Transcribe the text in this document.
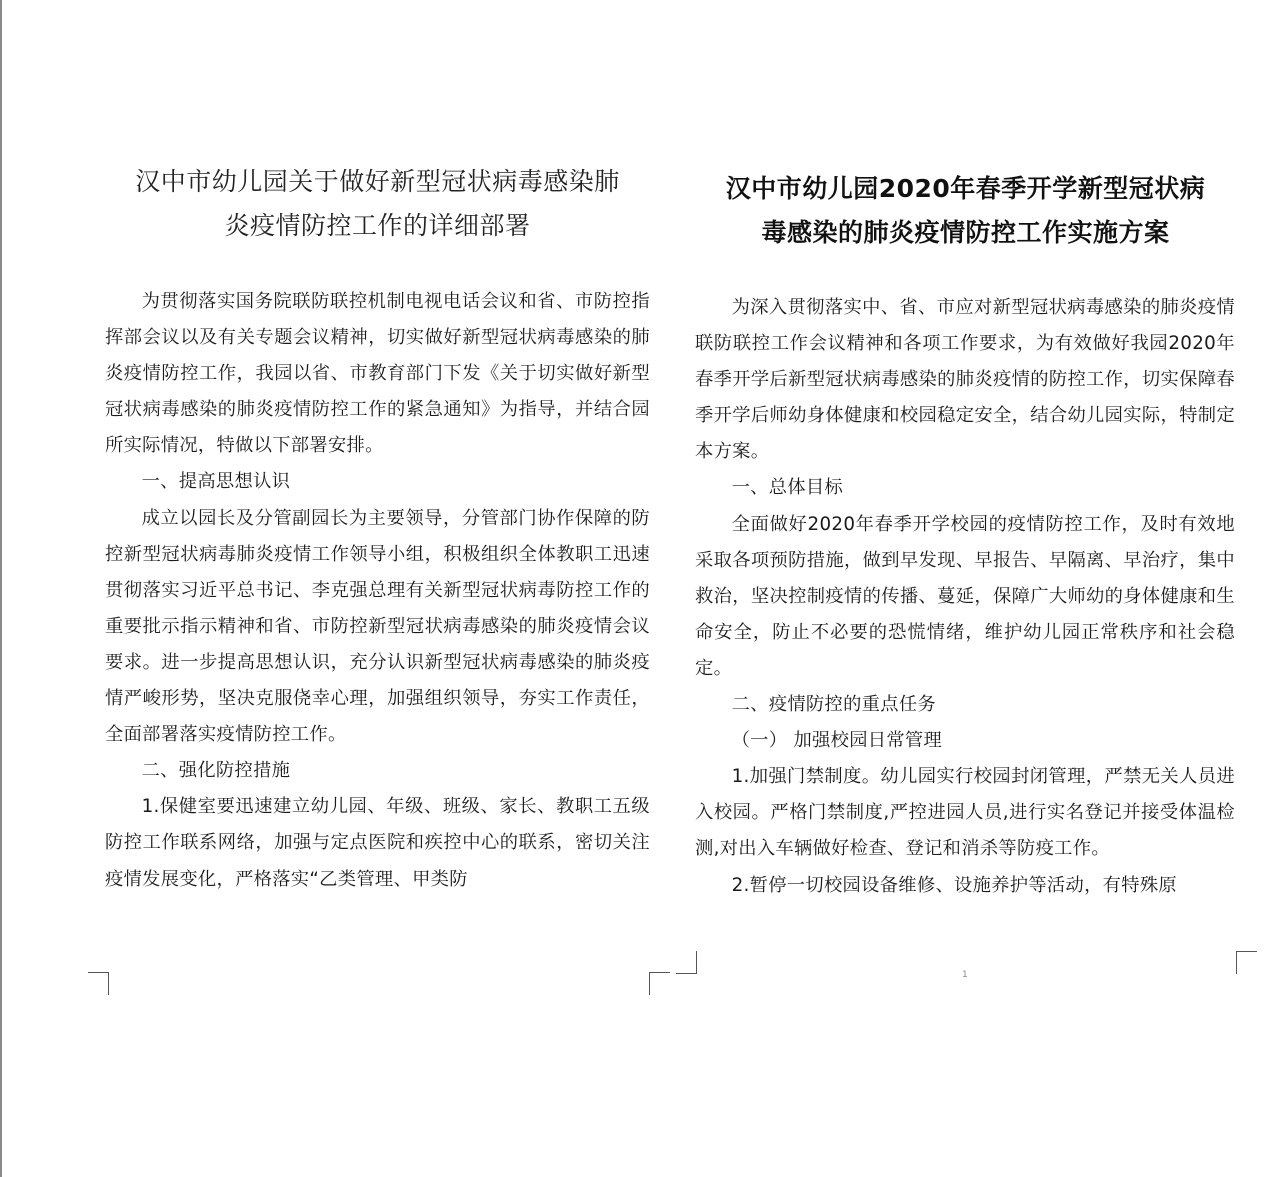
汉中市幼儿园关于做好新型冠状病毒感染肺
炎疫情防控工作的详细部署

为贯彻落实国务院联防联控机制电视电话会议和省、市防控指挥部会议以及有关专题会议精神，切实做好新型冠状病毒感染的肺炎疫情防控工作，我园以省、市教育部门下发《关于切实做好新型冠状病毒感染的肺炎疫情防控工作的紧急通知》为指导，并结合园所实际情况，特做以下部署安排。

一、提高思想认识

成立以园长及分管副园长为主要领导，分管部门协作保障的防控新型冠状病毒肺炎疫情工作领导小组，积极组织全体教职工迅速贯彻落实习近平总书记、李克强总理有关新型冠状病毒防控工作的重要批示指示精神和省、市防控新型冠状病毒感染的肺炎疫情会议要求。进一步提高思想认识，充分认识新型冠状病毒感染的肺炎疫情严峻形势，坚决克服侥幸心理，加强组织领导，夯实工作责任，全面部署落实疫情防控工作。

二、强化防控措施

1.保健室要迅速建立幼儿园、年级、班级、家长、教职工五级防控工作联系网络，加强与定点医院和疾控中心的联系，密切关注疫情发展变化，严格落实“乙类管理、甲类防

汉中市幼儿园2020年春季开学新型冠状病
毒感染的肺炎疫情防控工作实施方案

为深入贯彻落实中、省、市应对新型冠状病毒感染的肺炎疫情联防联控工作会议精神和各项工作要求，为有效做好我园2020年春季开学后新型冠状病毒感染的肺炎疫情的防控工作，切实保障春季开学后师幼身体健康和校园稳定安全，结合幼儿园实际，特制定本方案。

一、总体目标

全面做好2020年春季开学校园的疫情防控工作，及时有效地采取各项预防措施，做到早发现、早报告、早隔离、早治疗，集中救治，坚决控制疫情的传播、蔓延，保障广大师幼的身体健康和生命安全，防止不必要的恐慌情绪，维护幼儿园正常秩序和社会稳定。

二、疫情防控的重点任务

（一） 加强校园日常管理

1.加强门禁制度。幼儿园实行校园封闭管理，严禁无关人员进入校园。严格门禁制度,严控进园人员,进行实名登记并接受体温检测,对出入车辆做好检查、登记和消杀等防疫工作。

2.暂停一切校园设备维修、设施养护等活动，有特殊原

1
